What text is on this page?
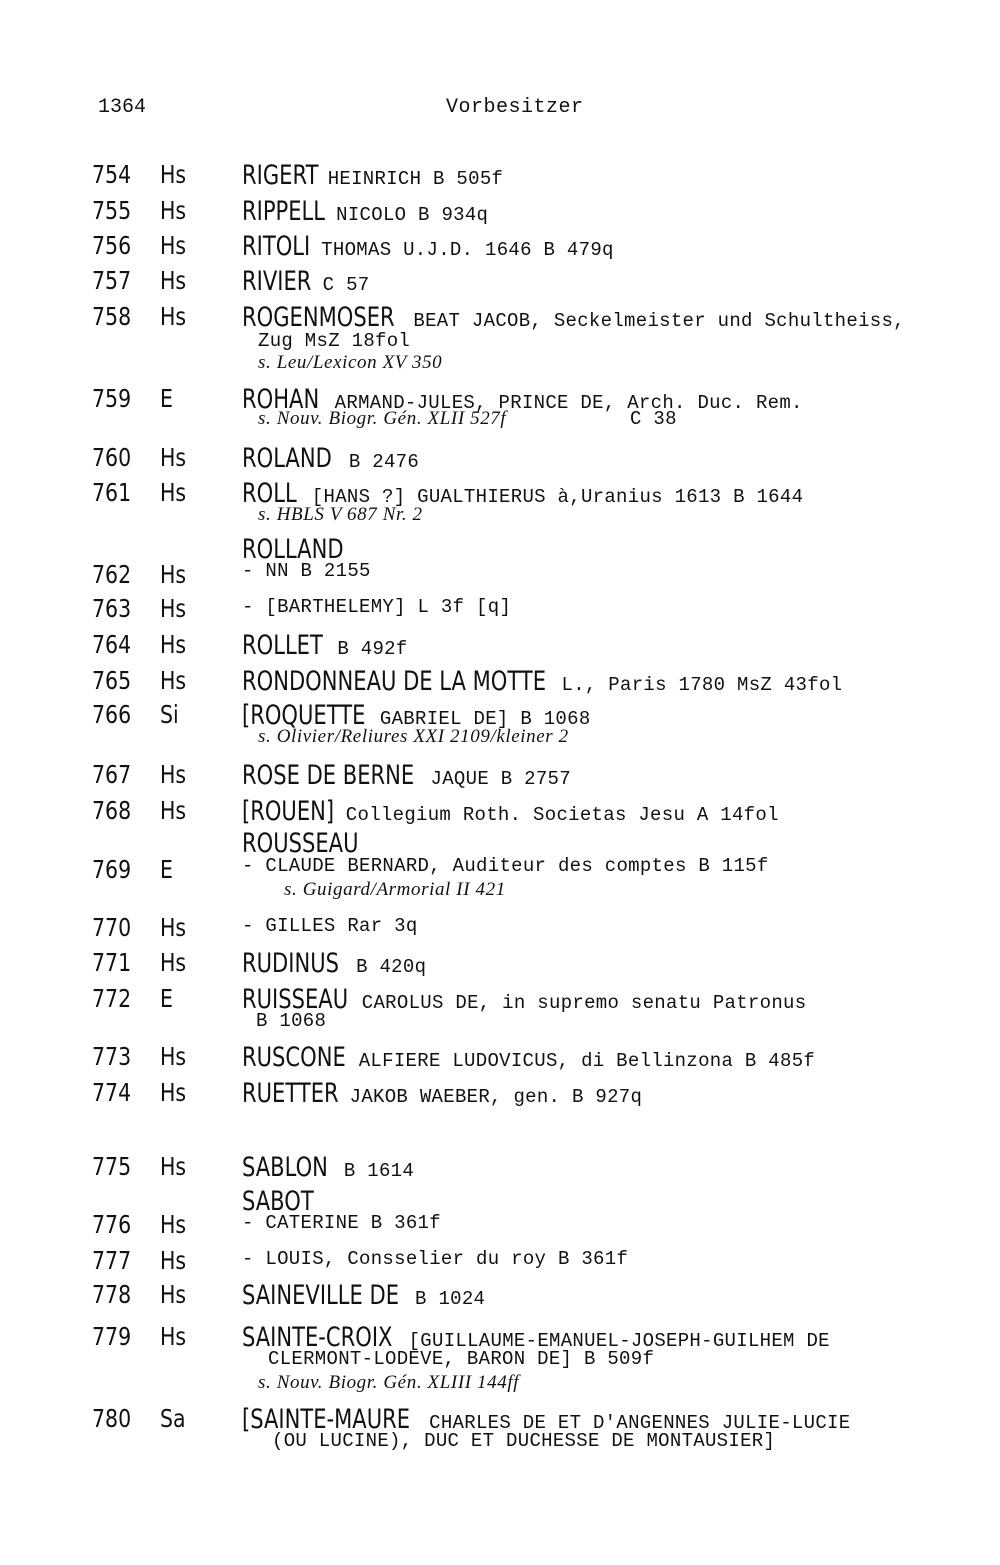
1364	Vorbesitzer
754	Hs	RIGERT HEINRICH B 505f
755	Hs	RIPPELL NICOLO B 934q
756	Hs	RITOLI THOMAS U.J.D. 1646 B 479q
757	Hs	RIVIER C 57
758	Hs	ROGENMOSER BEAT JACOB, Seckelmeister und Schultheiss,
Zug MsZ 18fol
s. Leu/Lexicon XV 350
759	E	ROHAN ARMAND-JULES, PRINCE DE, Arch. Duc. Rem.
s. Nouv. Biogr. Gén. XLII 527f	C 38
760	Hs	ROLAND B 2476
761	Hs	ROLL [HANS ?] GUALTHIERUS à,Uranius 1613 B 1644
s. HBLS V 687 Nr. 2
ROLLAND
762	Hs	- NN B 2155
763	Hs	- [BARTHELEMY] L 3f [q]
764	Hs	ROLLET B 492f
765	Hs	RONDONNEAU DE LA MOTTE L., Paris 1780 MsZ 43fol
766	Si	[ROQUETTE GABRIEL DE] B 1068
s. Olivier/Reliures XXI 2109/kleiner 2
767	Hs	ROSE DE BERNE JAQUE B 2757
768	Hs	[ROUEN] Collegium Roth. Societas Jesu A 14fol
ROUSSEAU
769	E	- CLAUDE BERNARD, Auditeur des comptes B 115f
s. Guigard/Armorial II 421
770	Hs	- GILLES Rar 3q
771	Hs	RUDINUS B 420q
772	E	RUISSEAU CAROLUS DE, in supremo senatu Patronus
B 1068
773	Hs	RUSCONE ALFIERE LUDOVICUS, di Bellinzona B 485f
774	Hs	RUETTER JAKOB WAEBER, gen. B 927q
775	Hs	SABLON B 1614
SABOT
776	Hs	- CATERINE B 361f
777	Hs	- LOUIS, Consselier du roy B 361f
778	Hs	SAINEVILLE DE B 1024
779	Hs	SAINTE-CROIX [GUILLAUME-EMANUEL-JOSEPH-GUILHEM DE
CLERMONT-LODEVE, BARON DE] B 509f
s. Nouv. Biogr. Gén. XLIII 144ff
780	Sa	[SAINTE-MAURE CHARLES DE ET D'ANGENNES JULIE-LUCIE
(OU LUCINE), DUC ET DUCHESSE DE MONTAUSIER]
